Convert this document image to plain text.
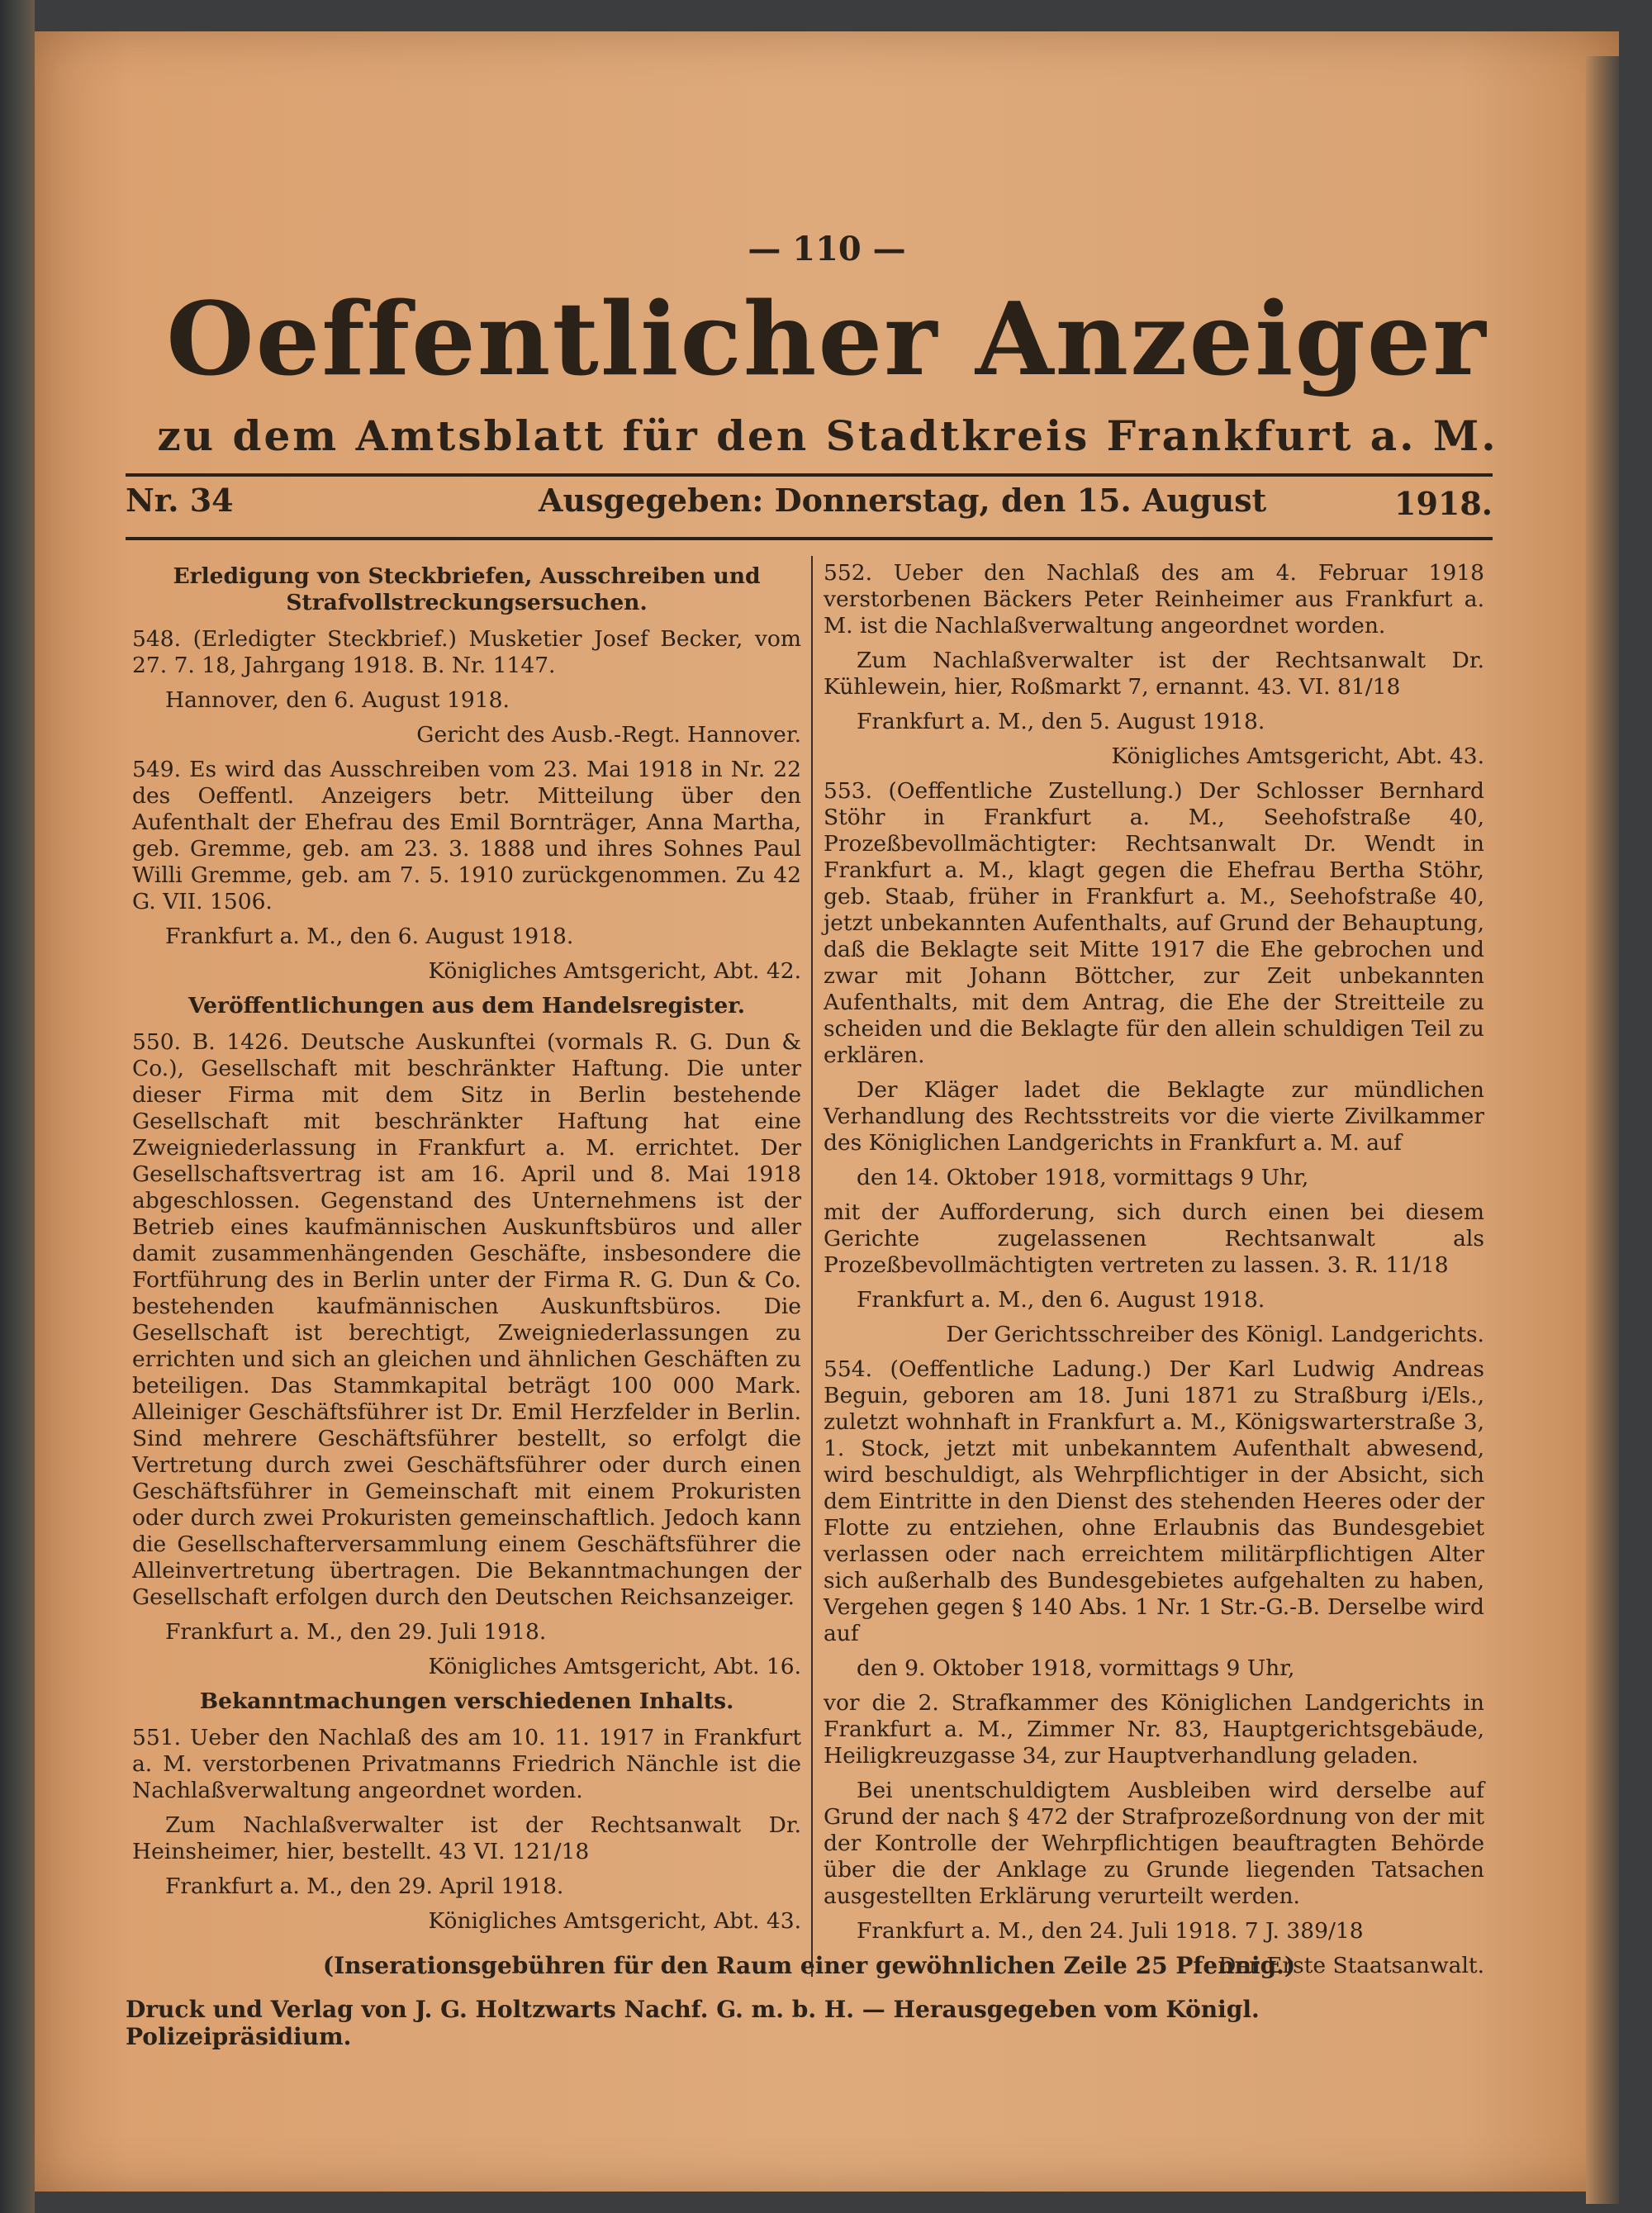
— 110 —
Oeffentlicher Anzeiger
zu dem Amtsblatt für den Stadtkreis Frankfurt a. M.
Nr. 34	Ausgegeben: Donnerstag, den 15. August	1918.

Erledigung von Steckbriefen, Ausschreiben und Strafvollstreckungsersuchen.

548. (Erledigter Steckbrief.) Musketier Josef Becker, vom 27. 7. 18, Jahrgang 1918. B. Nr. 1147.

Hannover, den 6. August 1918.

Gericht des Ausb.-Regt. Hannover.

549. Es wird das Ausschreiben vom 23. Mai 1918 in Nr. 22 des Oeffentl. Anzeigers betr. Mitteilung über den Aufenthalt der Ehefrau des Emil Bornträger, Anna Martha, geb. Gremme, geb. am 23. 3. 1888 und ihres Sohnes Paul Willi Gremme, geb. am 7. 5. 1910 zurückgenommen. Zu 42 G. VII. 1506.

Frankfurt a. M., den 6. August 1918.

Königliches Amtsgericht, Abt. 42.

Veröffentlichungen aus dem Handelsregister.

550. B. 1426. Deutsche Auskunftei (vormals R. G. Dun & Co.), Gesellschaft mit beschränkter Haftung. Die unter dieser Firma mit dem Sitz in Berlin bestehende Gesellschaft mit beschränkter Haftung hat eine Zweigniederlassung in Frankfurt a. M. errichtet. Der Gesellschaftsvertrag ist am 16. April und 8. Mai 1918 abgeschlossen. Gegenstand des Unternehmens ist der Betrieb eines kaufmännischen Auskunftsbüros und aller damit zusammenhängenden Geschäfte, insbesondere die Fortführung des in Berlin unter der Firma R. G. Dun & Co. bestehenden kaufmännischen Auskunftsbüros. Die Gesellschaft ist berechtigt, Zweigniederlassungen zu errichten und sich an gleichen und ähnlichen Geschäften zu beteiligen. Das Stammkapital beträgt 100 000 Mark. Alleiniger Geschäftsführer ist Dr. Emil Herzfelder in Berlin. Sind mehrere Geschäftsführer bestellt, so erfolgt die Vertretung durch zwei Geschäftsführer oder durch einen Geschäftsführer in Gemeinschaft mit einem Prokuristen oder durch zwei Prokuristen gemeinschaftlich. Jedoch kann die Gesellschafterversammlung einem Geschäftsführer die Alleinvertretung übertragen. Die Bekanntmachungen der Gesellschaft erfolgen durch den Deutschen Reichsanzeiger.

Frankfurt a. M., den 29. Juli 1918.

Königliches Amtsgericht, Abt. 16.

Bekanntmachungen verschiedenen Inhalts.

551. Ueber den Nachlaß des am 10. 11. 1917 in Frankfurt a. M. verstorbenen Privatmanns Friedrich Nänchle ist die Nachlaßverwaltung angeordnet worden.

Zum Nachlaßverwalter ist der Rechtsanwalt Dr. Heinsheimer, hier, bestellt. 43 VI. 121/18

Frankfurt a. M., den 29. April 1918.

Königliches Amtsgericht, Abt. 43.

552. Ueber den Nachlaß des am 4. Februar 1918 verstorbenen Bäckers Peter Reinheimer aus Frankfurt a. M. ist die Nachlaßverwaltung angeordnet worden.

Zum Nachlaßverwalter ist der Rechtsanwalt Dr. Kühlewein, hier, Roßmarkt 7, ernannt. 43. VI. 81/18

Frankfurt a. M., den 5. August 1918.

Königliches Amtsgericht, Abt. 43.

553. (Oeffentliche Zustellung.) Der Schlosser Bernhard Stöhr in Frankfurt a. M., Seehofstraße 40, Prozeßbevollmächtigter: Rechtsanwalt Dr. Wendt in Frankfurt a. M., klagt gegen die Ehefrau Bertha Stöhr, geb. Staab, früher in Frankfurt a. M., Seehofstraße 40, jetzt unbekannten Aufenthalts, auf Grund der Behauptung, daß die Beklagte seit Mitte 1917 die Ehe gebrochen und zwar mit Johann Böttcher, zur Zeit unbekannten Aufenthalts, mit dem Antrag, die Ehe der Streitteile zu scheiden und die Beklagte für den allein schuldigen Teil zu erklären.

Der Kläger ladet die Beklagte zur mündlichen Verhandlung des Rechtsstreits vor die vierte Zivilkammer des Königlichen Landgerichts in Frankfurt a. M. auf

den 14. Oktober 1918, vormittags 9 Uhr,

mit der Aufforderung, sich durch einen bei diesem Gerichte zugelassenen Rechtsanwalt als Prozeßbevollmächtigten vertreten zu lassen. 3. R. 11/18

Frankfurt a. M., den 6. August 1918.

Der Gerichtsschreiber des Königl. Landgerichts.

554. (Oeffentliche Ladung.) Der Karl Ludwig Andreas Beguin, geboren am 18. Juni 1871 zu Straßburg i/Els., zuletzt wohnhaft in Frankfurt a. M., Königswarterstraße 3, 1. Stock, jetzt mit unbekanntem Aufenthalt abwesend, wird beschuldigt, als Wehrpflichtiger in der Absicht, sich dem Eintritte in den Dienst des stehenden Heeres oder der Flotte zu entziehen, ohne Erlaubnis das Bundesgebiet verlassen oder nach erreichtem militärpflichtigen Alter sich außerhalb des Bundesgebietes aufgehalten zu haben, Vergehen gegen § 140 Abs. 1 Nr. 1 Str.-G.-B. Derselbe wird auf

den 9. Oktober 1918, vormittags 9 Uhr,

vor die 2. Strafkammer des Königlichen Landgerichts in Frankfurt a. M., Zimmer Nr. 83, Hauptgerichtsgebäude, Heiligkreuzgasse 34, zur Hauptverhandlung geladen.

Bei unentschuldigtem Ausbleiben wird derselbe auf Grund der nach § 472 der Strafprozeßordnung von der mit der Kontrolle der Wehrpflichtigen beauftragten Behörde über die der Anklage zu Grunde liegenden Tatsachen ausgestellten Erklärung verurteilt werden.

Frankfurt a. M., den 24. Juli 1918. 7 J. 389/18

Der Erste Staatsanwalt.

(Inserationsgebühren für den Raum einer gewöhnlichen Zeile 25 Pfennig.)
Druck und Verlag von J. G. Holtzwarts Nachf. G. m. b. H. — Herausgegeben vom Königl. Polizeipräsidium.
